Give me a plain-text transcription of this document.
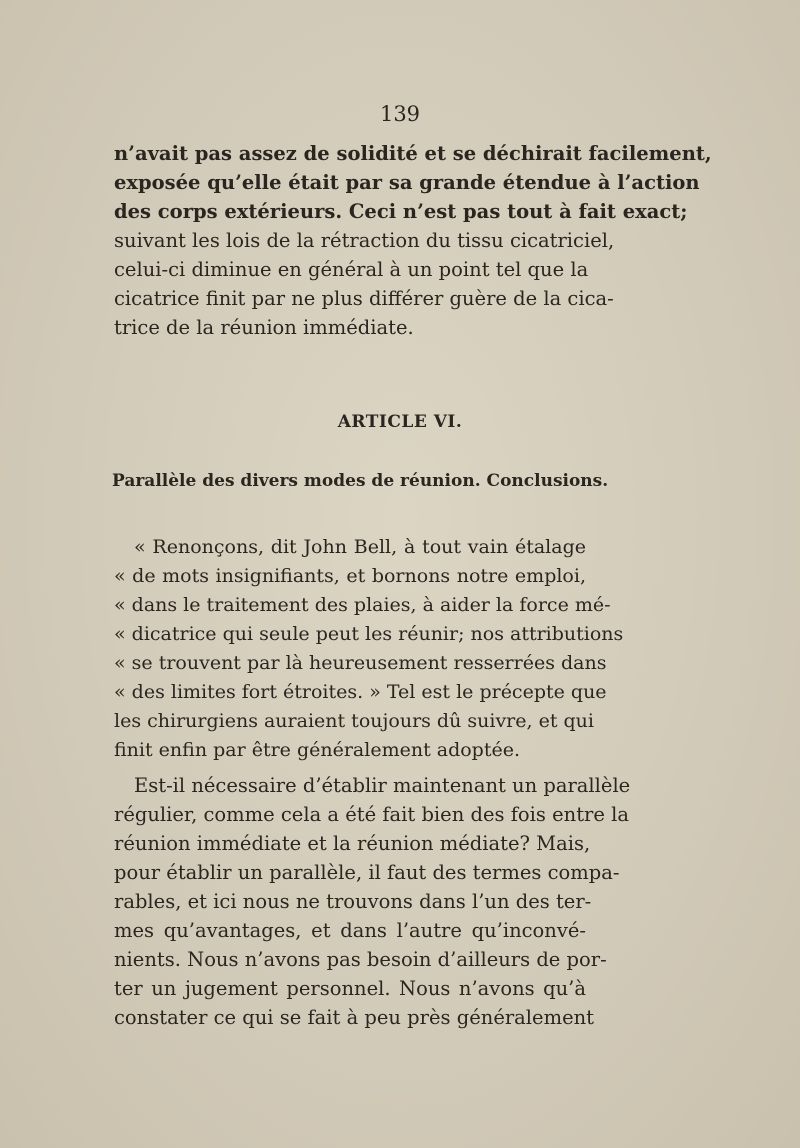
139
n’avait pas assez de solidité et se déchirait facilement,
exposée qu’elle était par sa grande étendue à l’action
des corps extérieurs. Ceci n’est pas tout à fait exact;
suivant les lois de la rétraction du tissu cicatriciel,
celui-ci diminue en général à un point tel que la
cicatrice finit par ne plus différer guère de la cica-
trice de la réunion immédiate.
ARTICLE VI.
Parallèle des divers modes de réunion. Conclusions.
« Renonçons, dit John Bell, à tout vain étalage
« de mots insignifiants, et bornons notre emploi,
« dans le traitement des plaies, à aider la force mé-
« dicatrice qui seule peut les réunir; nos attributions
« se trouvent par là heureusement resserrées dans
« des limites fort étroites. » Tel est le précepte que
les chirurgiens auraient toujours dû suivre, et qui
finit enfin par être généralement adoptée.
Est-il nécessaire d’établir maintenant un parallèle
régulier, comme cela a été fait bien des fois entre la
réunion immédiate et la réunion médiate? Mais,
pour établir un parallèle, il faut des termes compa-
rables, et ici nous ne trouvons dans l’un des ter-
mes qu’avantages, et dans l’autre qu’inconvé-
nients. Nous n’avons pas besoin d’ailleurs de por-
ter un jugement personnel. Nous n’avons qu’à
constater ce qui se fait à peu près généralement
